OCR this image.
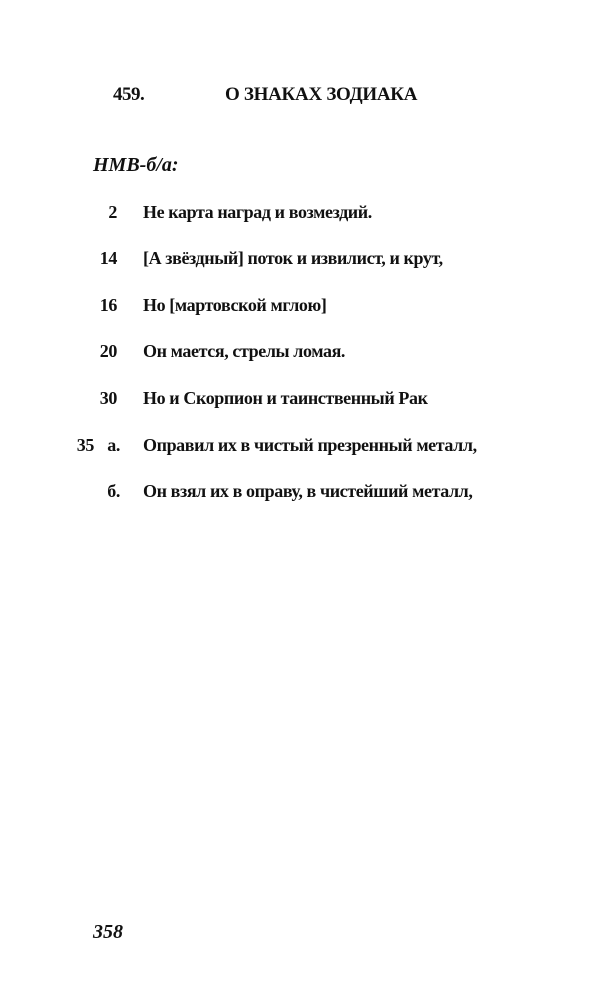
459.	О ЗНАКАХ ЗОДИАКА
НМВ-б/а:
2 Не карта наград и возмездий.
14 [А звёздный] поток и извилист, и крут,
16 Но [мартовской мглою]
20 Он мается, стрелы ломая.
30 Но и Скорпион и таинственный Рак
35 а. Оправил их в чистый презренный металл,
б. Он взял их в оправу, в чистейший металл,
358
